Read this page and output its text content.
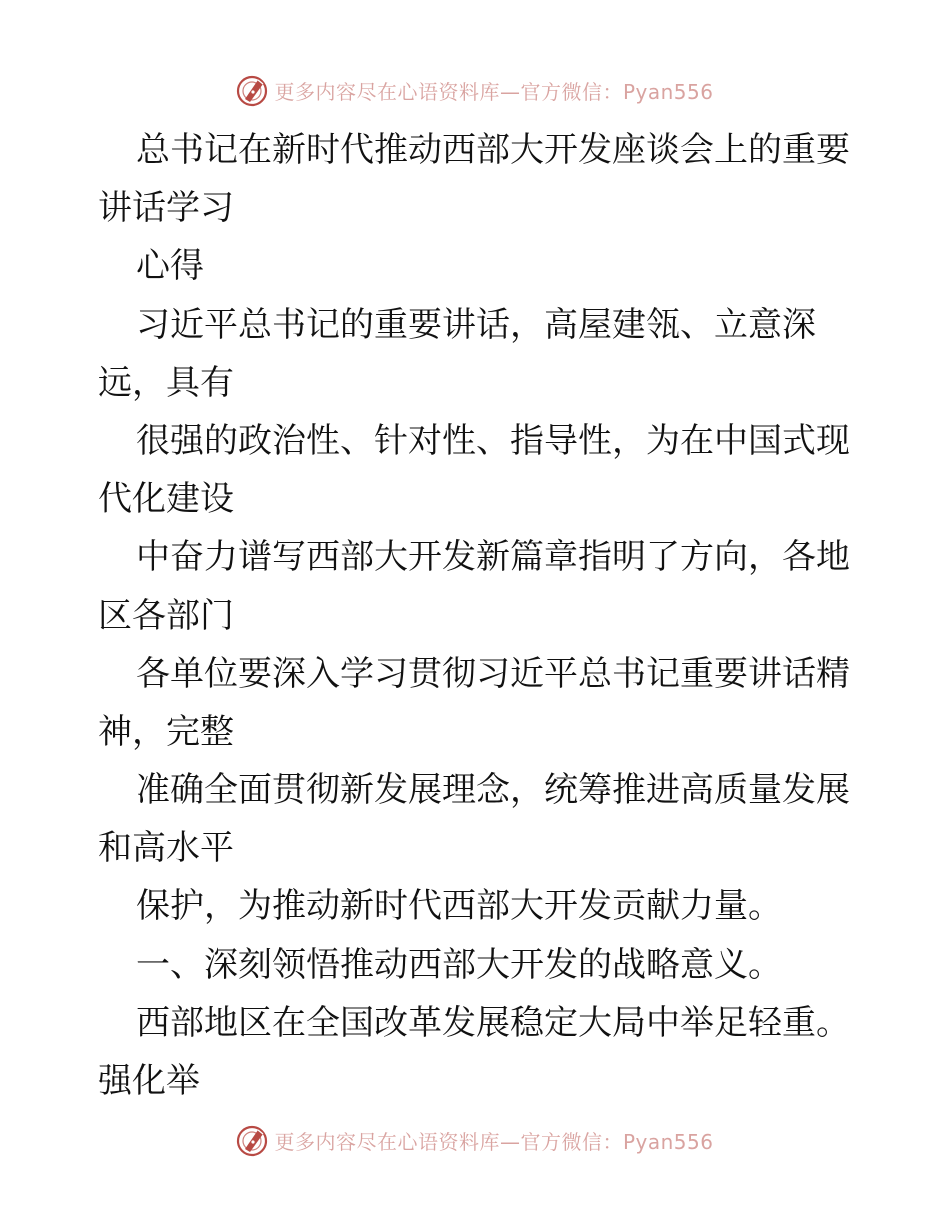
更多内容尽在心语资料库—官方微信：Pyan556
总书记在新时代推动西部大开发座谈会上的重要
讲话学习
心得
习近平总书记的重要讲话，高屋建瓴、立意深
远，具有
很强的政治性、针对性、指导性，为在中国式现
代化建设
中奋力谱写西部大开发新篇章指明了方向，各地
区各部门
各单位要深入学习贯彻习近平总书记重要讲话精
神，完整
准确全面贯彻新发展理念，统筹推进高质量发展
和高水平
保护，为推动新时代西部大开发贡献力量。
一、深刻领悟推动西部大开发的战略意义。
西部地区在全国改革发展稳定大局中举足轻重。
强化举
更多内容尽在心语资料库—官方微信：Pyan556
